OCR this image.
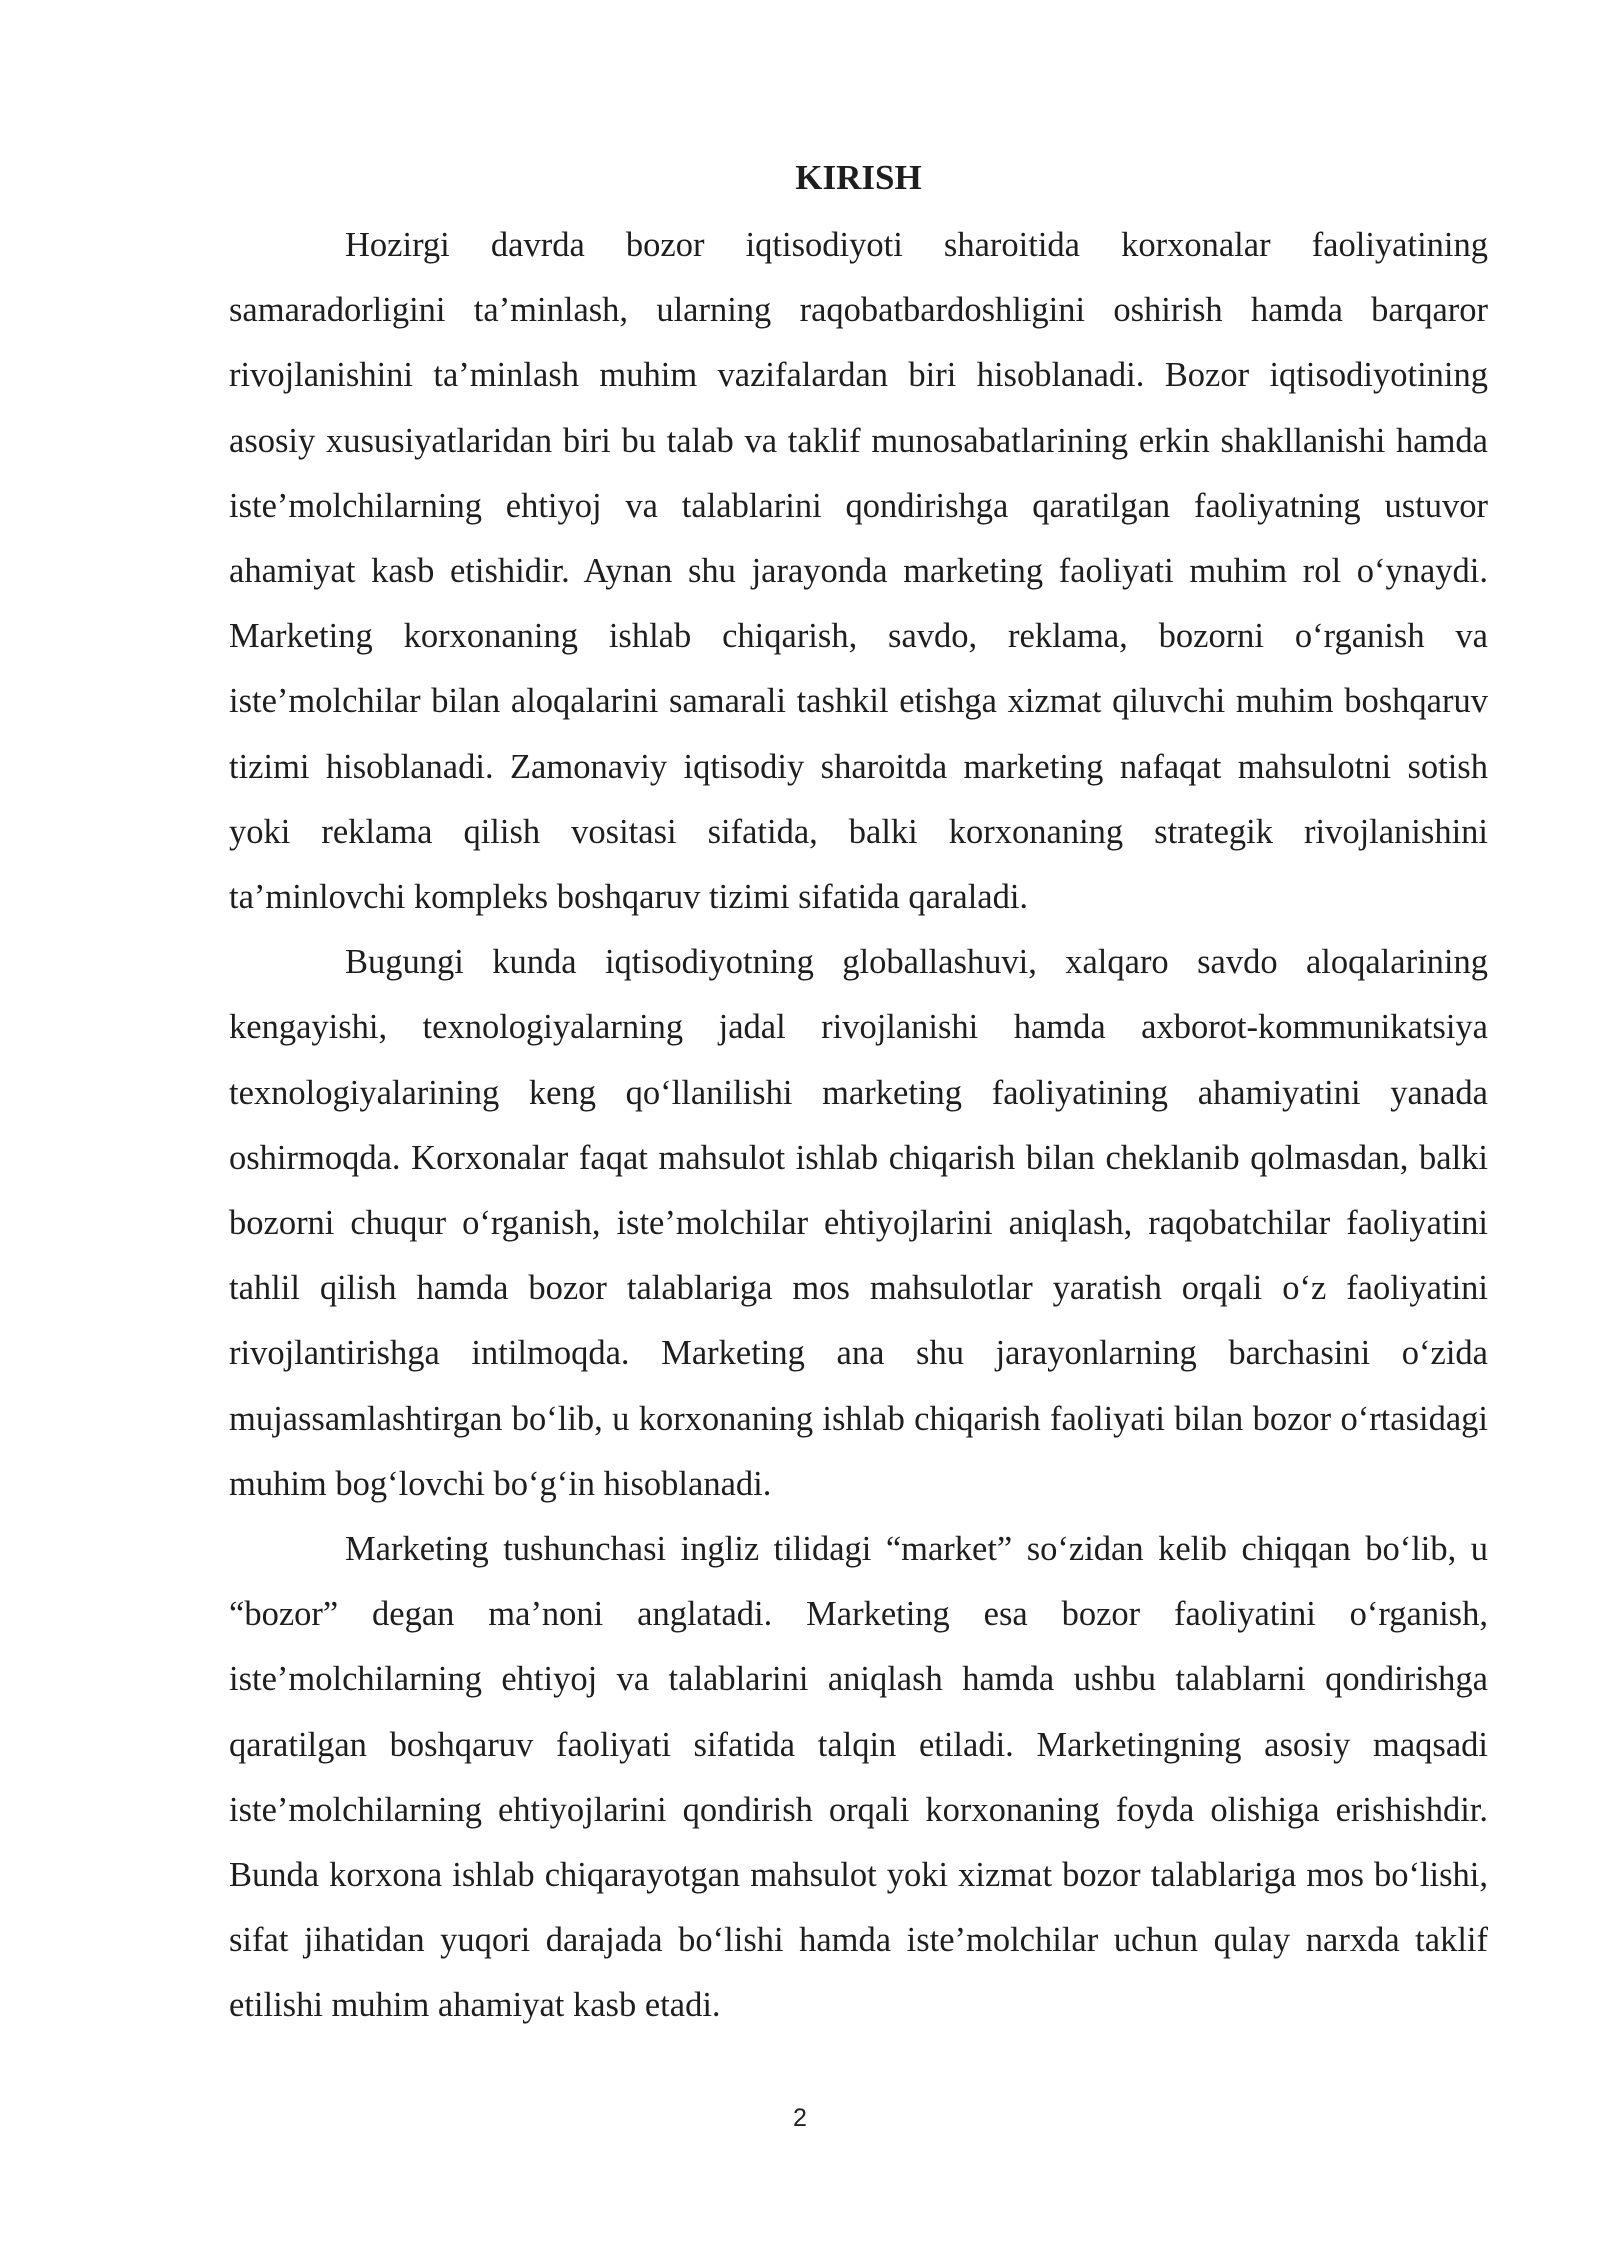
KIRISH

Hozirgi davrda bozor iqtisodiyoti sharoitida korxonalar faoliyatining samaradorligini ta’minlash, ularning raqobatbardoshligini oshirish hamda barqaror rivojlanishini ta’minlash muhim vazifalardan biri hisoblanadi. Bozor iqtisodiyotining asosiy xususiyatlaridan biri bu talab va taklif munosabatlarining erkin shakllanishi hamda iste’molchilarning ehtiyoj va talablarini qondirishga qaratilgan faoliyatning ustuvor ahamiyat kasb etishidir. Aynan shu jarayonda marketing faoliyati muhim rol o‘ynaydi. Marketing korxonaning ishlab chiqarish, savdo, reklama, bozorni o‘rganish va iste’molchilar bilan aloqalarini samarali tashkil etishga xizmat qiluvchi muhim boshqaruv tizimi hisoblanadi. Zamonaviy iqtisodiy sharoitda marketing nafaqat mahsulotni sotish yoki reklama qilish vositasi sifatida, balki korxonaning strategik rivojlanishini ta’minlovchi kompleks boshqaruv tizimi sifatida qaraladi.

Bugungi kunda iqtisodiyotning globallashuvi, xalqaro savdo aloqalarining kengayishi, texnologiyalarning jadal rivojlanishi hamda axborot-kommunikatsiya texnologiyalarining keng qo‘llanilishi marketing faoliyatining ahamiyatini yanada oshirmoqda. Korxonalar faqat mahsulot ishlab chiqarish bilan cheklanib qolmasdan, balki bozorni chuqur o‘rganish, iste’molchilar ehtiyojlarini aniqlash, raqobatchilar faoliyatini tahlil qilish hamda bozor talablariga mos mahsulotlar yaratish orqali o‘z faoliyatini rivojlantirishga intilmoqda. Marketing ana shu jarayonlarning barchasini o‘zida mujassamlashtirgan bo‘lib, u korxonaning ishlab chiqarish faoliyati bilan bozor o‘rtasidagi muhim bog‘lovchi bo‘g‘in hisoblanadi.

Marketing tushunchasi ingliz tilidagi “market” so‘zidan kelib chiqqan bo‘lib, u “bozor” degan ma’noni anglatadi. Marketing esa bozor faoliyatini o‘rganish, iste’molchilarning ehtiyoj va talablarini aniqlash hamda ushbu talablarni qondirishga qaratilgan boshqaruv faoliyati sifatida talqin etiladi. Marketingning asosiy maqsadi iste’molchilarning ehtiyojlarini qondirish orqali korxonaning foyda olishiga erishishdir. Bunda korxona ishlab chiqarayotgan mahsulot yoki xizmat bozor talablariga mos bo‘lishi, sifat jihatidan yuqori darajada bo‘lishi hamda iste’molchilar uchun qulay narxda taklif etilishi muhim ahamiyat kasb etadi.

2
